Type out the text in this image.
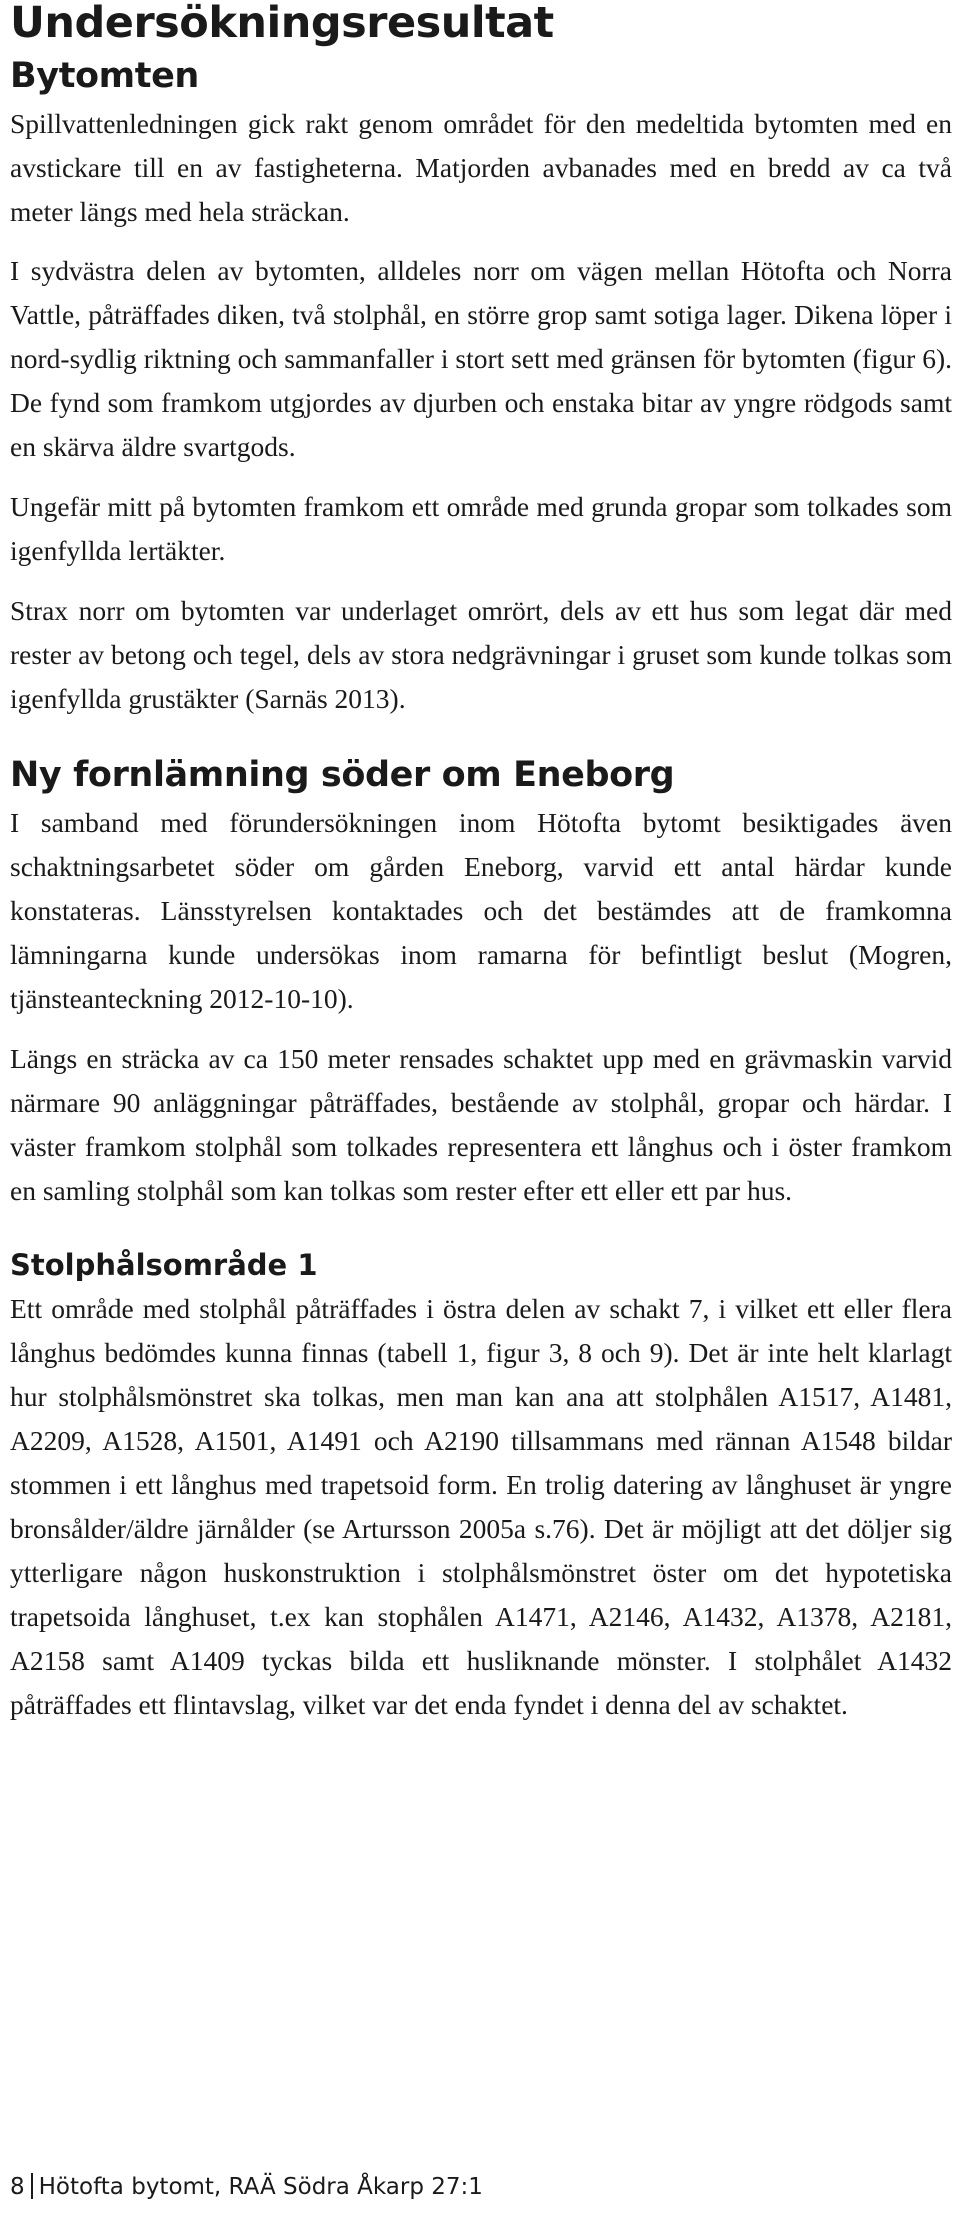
Undersökningsresultat
Bytomten

Spillvattenledningen gick rakt genom området för den medeltida bytomten med en avstickare till en av fastigheterna. Matjorden avbanades med en bredd av ca två meter längs med hela sträckan.

I sydvästra delen av bytomten, alldeles norr om vägen mellan Hötofta och Norra Vattle, påträffades diken, två stolphål, en större grop samt sotiga lager. Dikena löper i nord-sydlig riktning och sammanfaller i stort sett med gränsen för bytomten (figur 6). De fynd som framkom utgjordes av djurben och enstaka bitar av yngre rödgods samt en skärva äldre svartgods.

Ungefär mitt på bytomten framkom ett område med grunda gropar som tolkades som igenfyllda lertäkter.

Strax norr om bytomten var underlaget omrört, dels av ett hus som legat där med rester av betong och tegel, dels av stora nedgrävningar i gruset som kunde tolkas som igenfyllda grustäkter (Sarnäs 2013).

Ny fornlämning söder om Eneborg

I samband med förundersökningen inom Hötofta bytomt besiktigades även schaktningsarbetet söder om gården Eneborg, varvid ett antal härdar kunde konstateras. Länsstyrelsen kontaktades och det bestämdes att de framkomna lämningarna kunde undersökas inom ramarna för befintligt beslut (Mogren, tjänsteanteckning 2012-10-10).

Längs en sträcka av ca 150 meter rensades schaktet upp med en grävmaskin varvid närmare 90 anläggningar påträffades, bestående av stolphål, gropar och härdar. I väster framkom stolphål som tolkades representera ett långhus och i öster framkom en samling stolphål som kan tolkas som rester efter ett eller ett par hus.

Stolphålsområde 1

Ett område med stolphål påträffades i östra delen av schakt 7, i vilket ett eller flera långhus bedömdes kunna finnas (tabell 1, figur 3, 8 och 9). Det är inte helt klarlagt hur stolphålsmönstret ska tolkas, men man kan ana att stolphålen A1517, A1481, A2209, A1528, A1501, A1491 och A2190 tillsammans med rännan A1548 bildar stommen i ett långhus med trapetsoid form. En trolig datering av långhuset är yngre bronsålder/äldre järnålder (se Artursson 2005a s.76). Det är möjligt att det döljer sig ytterligare någon huskonstruktion i stolphålsmönstret öster om det hypotetiska trapetsoida långhuset, t.ex kan stophålen A1471, A2146, A1432, A1378, A2181, A2158 samt A1409 tyckas bilda ett husliknande mönster. I stolphålet A1432 påträffades ett flintavslag, vilket var det enda fyndet i denna del av schaktet.

8 Hötofta bytomt, RAÄ Södra Åkarp 27:1
